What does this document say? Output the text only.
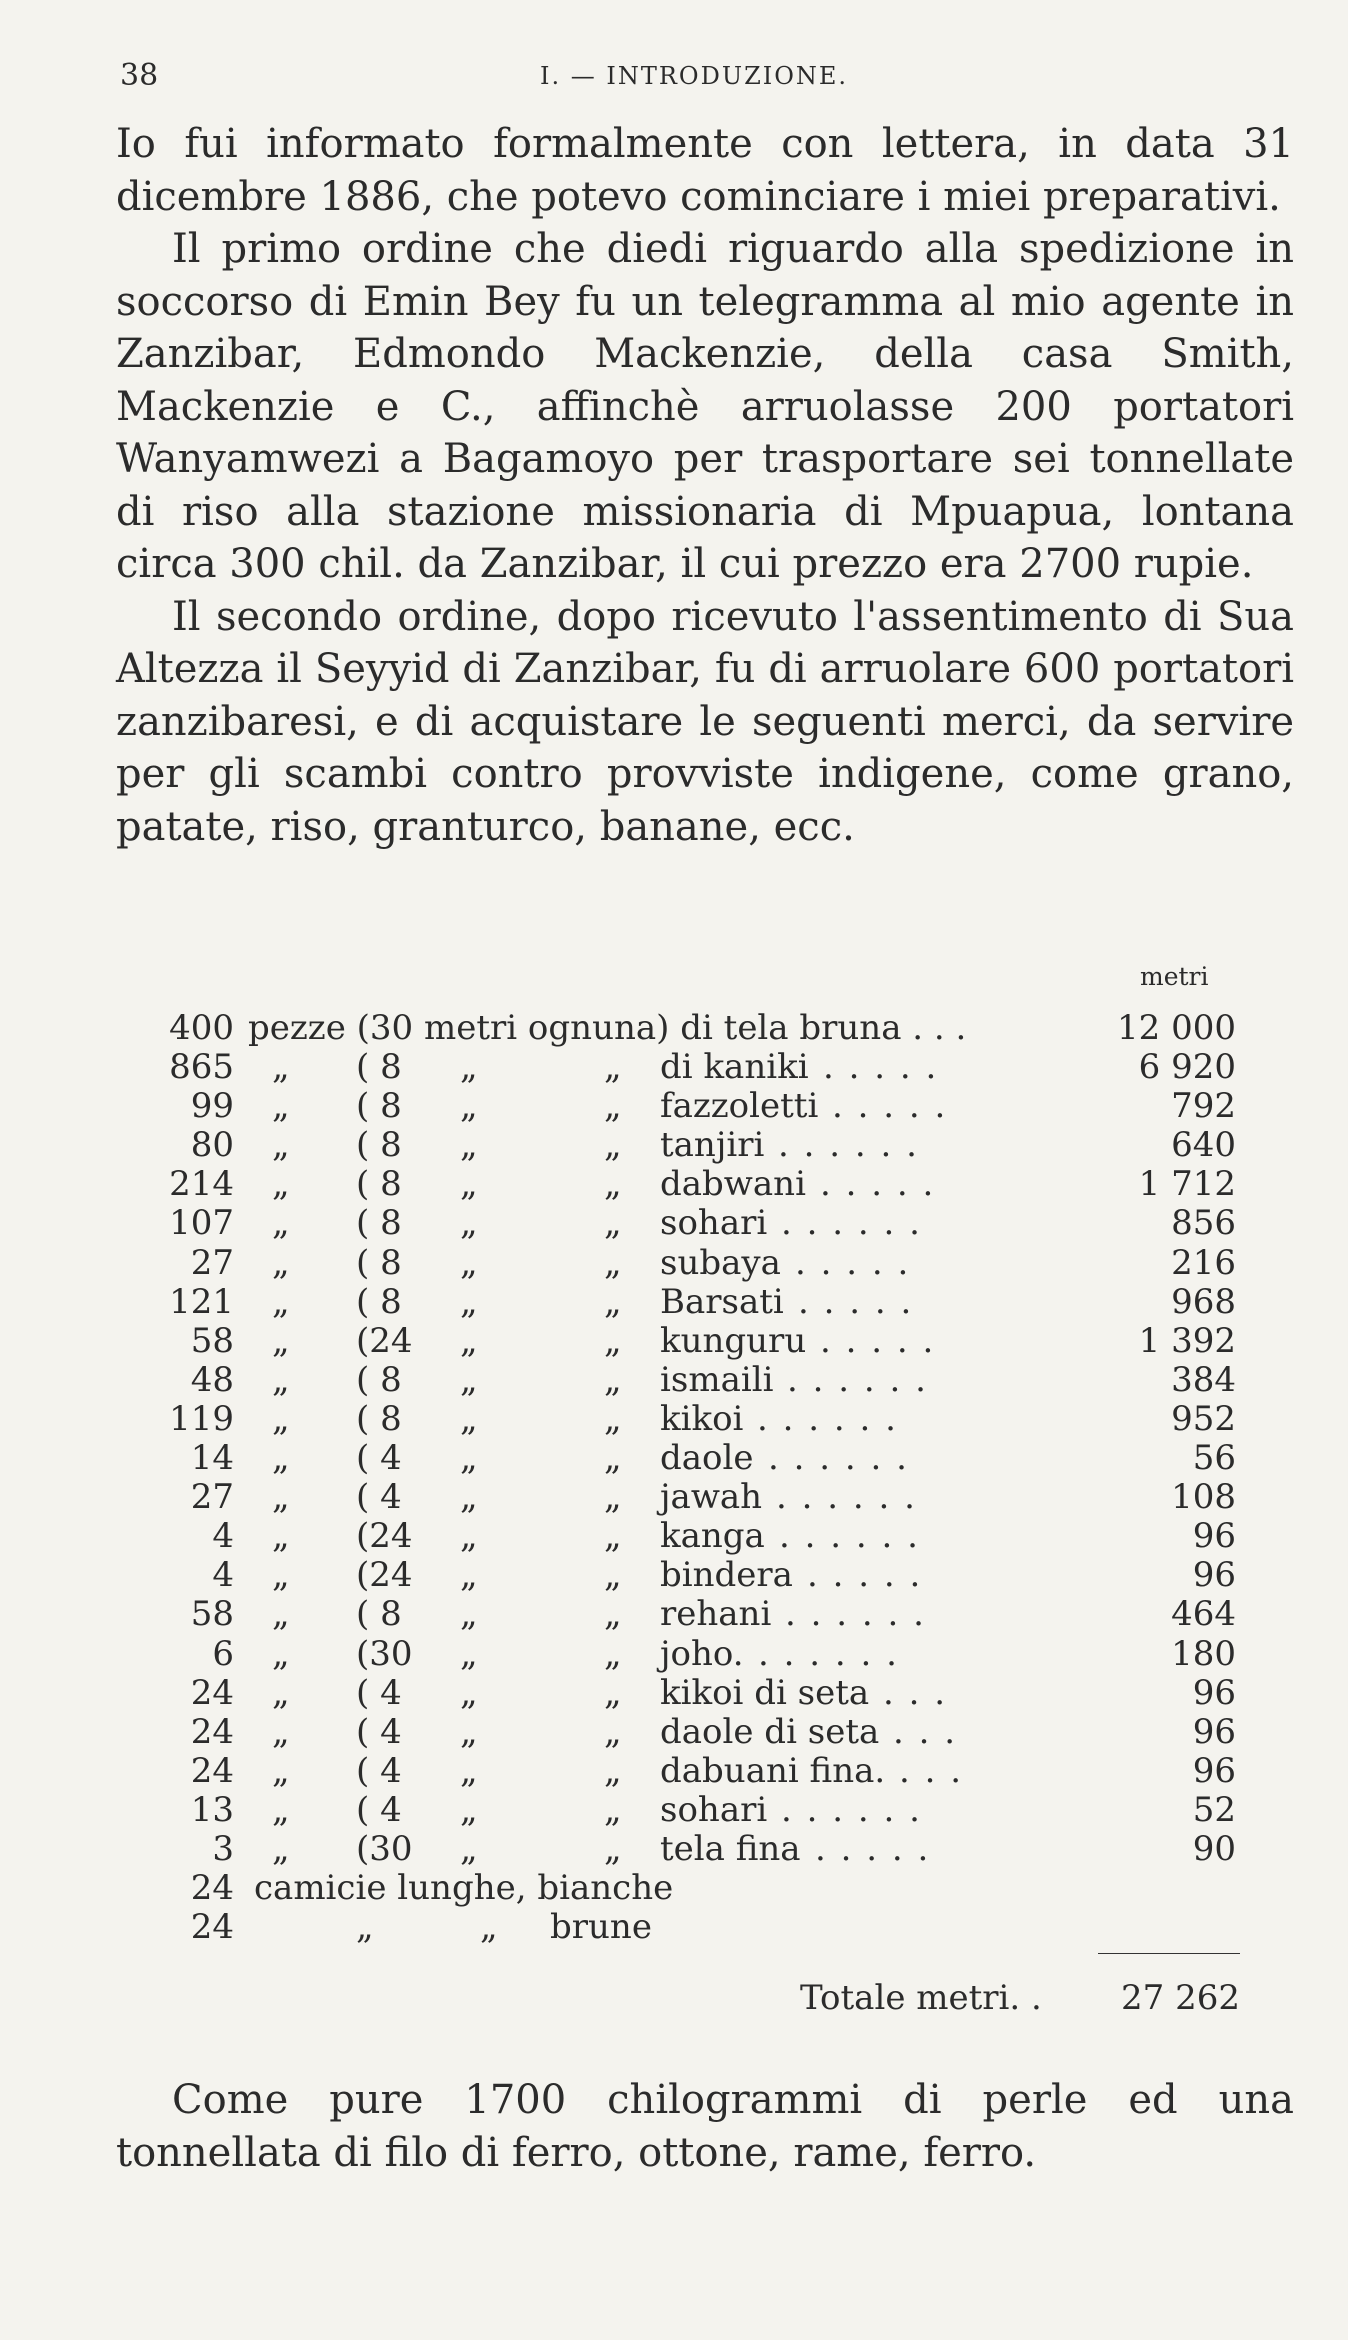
38	I. — INTRODUZIONE.

Io fui informato formalmente con lettera, in data 31 dicembre 1886, che potevo cominciare i miei preparativi.

Il primo ordine che diedi riguardo alla spedizione in soccorso di Emin Bey fu un telegramma al mio agente in Zanzibar, Edmondo Mackenzie, della casa Smith, Mackenzie e C., affinchè arruolasse 200 portatori Wanyamwezi a Bagamoyo per trasportare sei tonnellate di riso alla stazione missionaria di Mpuapua, lontana circa 300 chil. da Zanzibar, il cui prezzo era 2700 rupie.

Il secondo ordine, dopo ricevuto l'assentimento di Sua Altezza il Seyyid di Zanzibar, fu di arruolare 600 portatori zanzibaresi, e di acquistare le seguenti merci, da servire per gli scambi contro provviste indigene, come grano, patate, riso, granturco, banane, ecc.

metri
400 pezze (30 metri ognuna) di tela bruna . . .	12 000
865 „ ( 8 „	„ di kaniki . . . . .	6 920
99 „ ( 8 „	„ fazzoletti . . . . .	792
80 „ ( 8 „	„ tanjiri . . . . . .	640
214 „ ( 8 „	„ dabwani . . . . .	1 712
107 „ ( 8 „	„ sohari . . . . . .	856
27 „ ( 8 „	„ subaya . . . . .	216
121 „ ( 8 „	„ Barsati . . . . .	968
58 „ (24 „	„ kunguru . . . . .	1 392
48 „ ( 8 „	„ ismaili . . . . . .	384
119 „ ( 8 „	„ kikoi . . . . . .	952
14 „ ( 4 „	„ daole . . . . . .	56
27 „ ( 4 „	„ jawah . . . . . .	108
4 „ (24 „	„ kanga . . . . . .	96
4 „ (24 „	„ bindera . . . . .	96
58 „ ( 8 „	„ rehani . . . . . .	464
6 „ (30 „	„ joho. . . . . . .	180
24 „ ( 4 „	„ kikoi di seta . . .	96
24 „ ( 4 „	„ daole di seta . . .	96
24 „ ( 4 „	„ dabuani fina. . . .	96
13 „ ( 4 „	„ sohari . . . . . .	52
3 „ (30 „	„ tela fina . . . . .	90
24 camicie lunghe, bianche
24	„	„ brune
Totale metri. . 27 262

Come pure 1700 chilogrammi di perle ed una tonnellata di filo di ferro, ottone, rame, ferro.
